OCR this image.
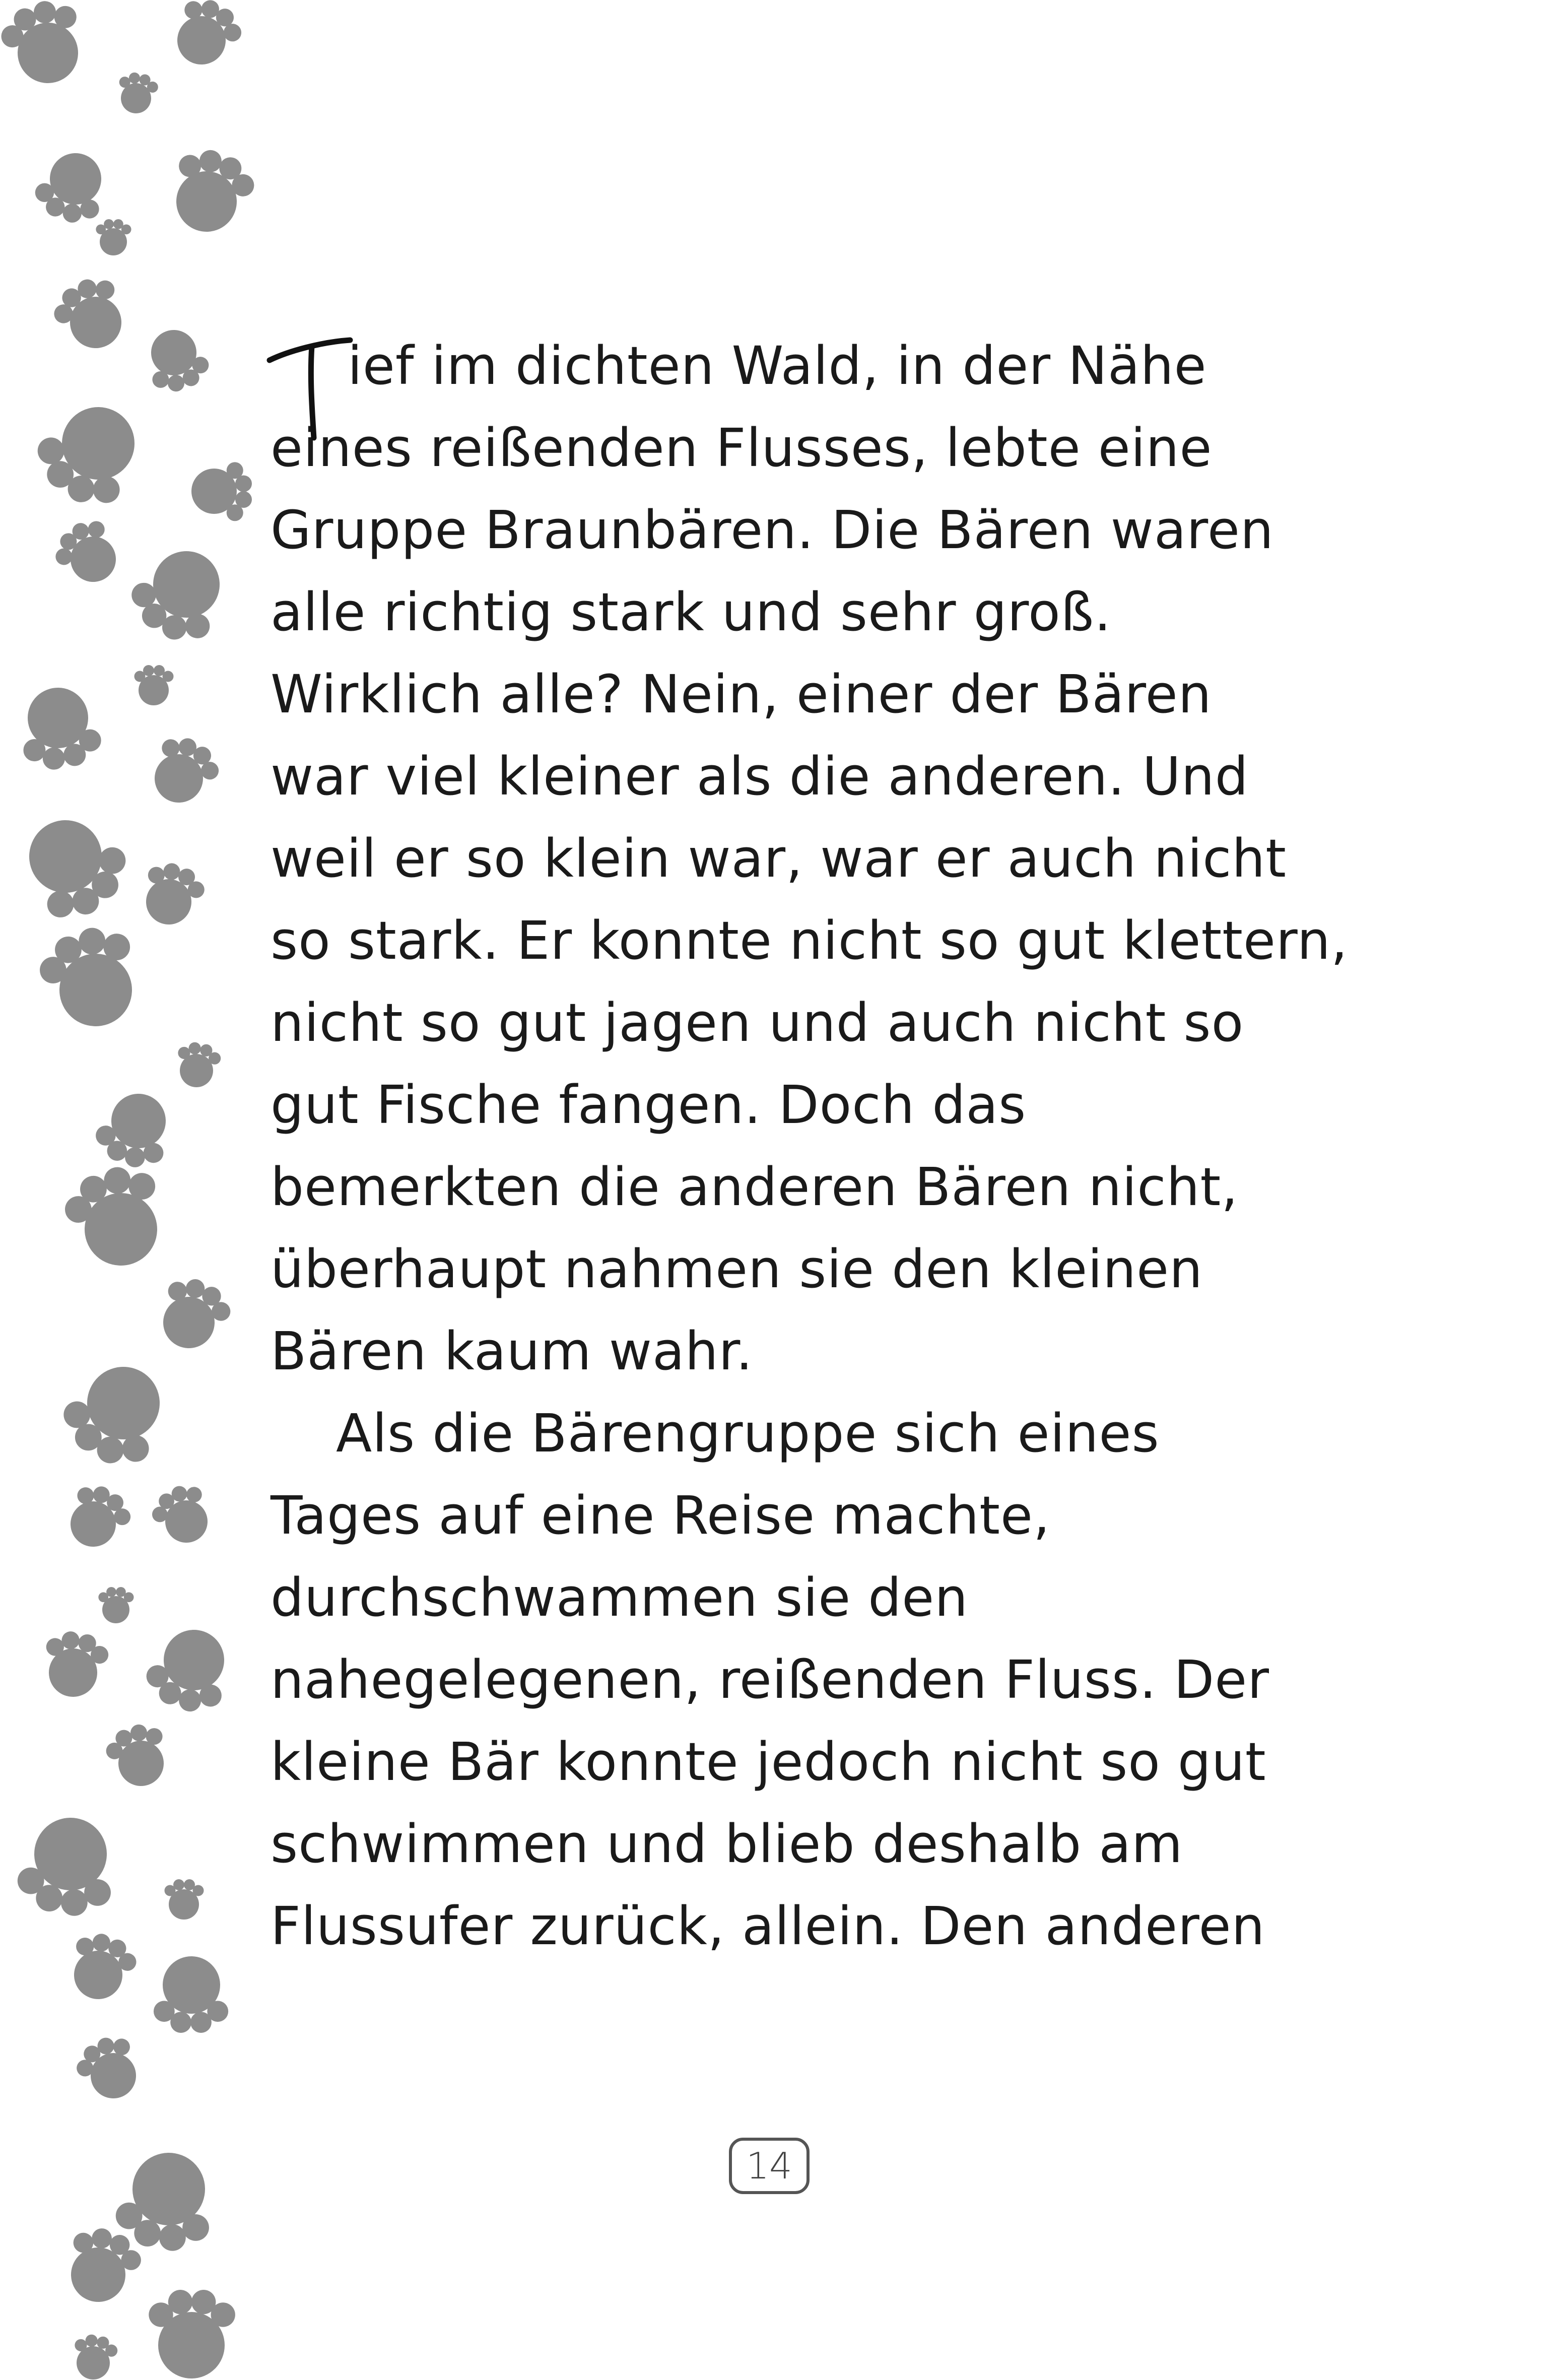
T
ief im dichten Wald, in der Nähe
eines reißenden Flusses, lebte eine
Gruppe Braunbären. Die Bären waren
alle richtig stark und sehr groß.
Wirklich alle? Nein, einer der Bären
war viel kleiner als die anderen. Und
weil er so klein war, war er auch nicht
so stark. Er konnte nicht so gut klettern,
nicht so gut jagen und auch nicht so
gut Fische fangen. Doch das
bemerkten die anderen Bären nicht,
überhaupt nahmen sie den kleinen
Bären kaum wahr.
Als die Bärengruppe sich eines
Tages auf eine Reise machte,
durchschwammen sie den
nahegelegenen, reißenden Fluss. Der
kleine Bär konnte jedoch nicht so gut
schwimmen und blieb deshalb am
Flussufer zurück, allein. Den anderen
14
